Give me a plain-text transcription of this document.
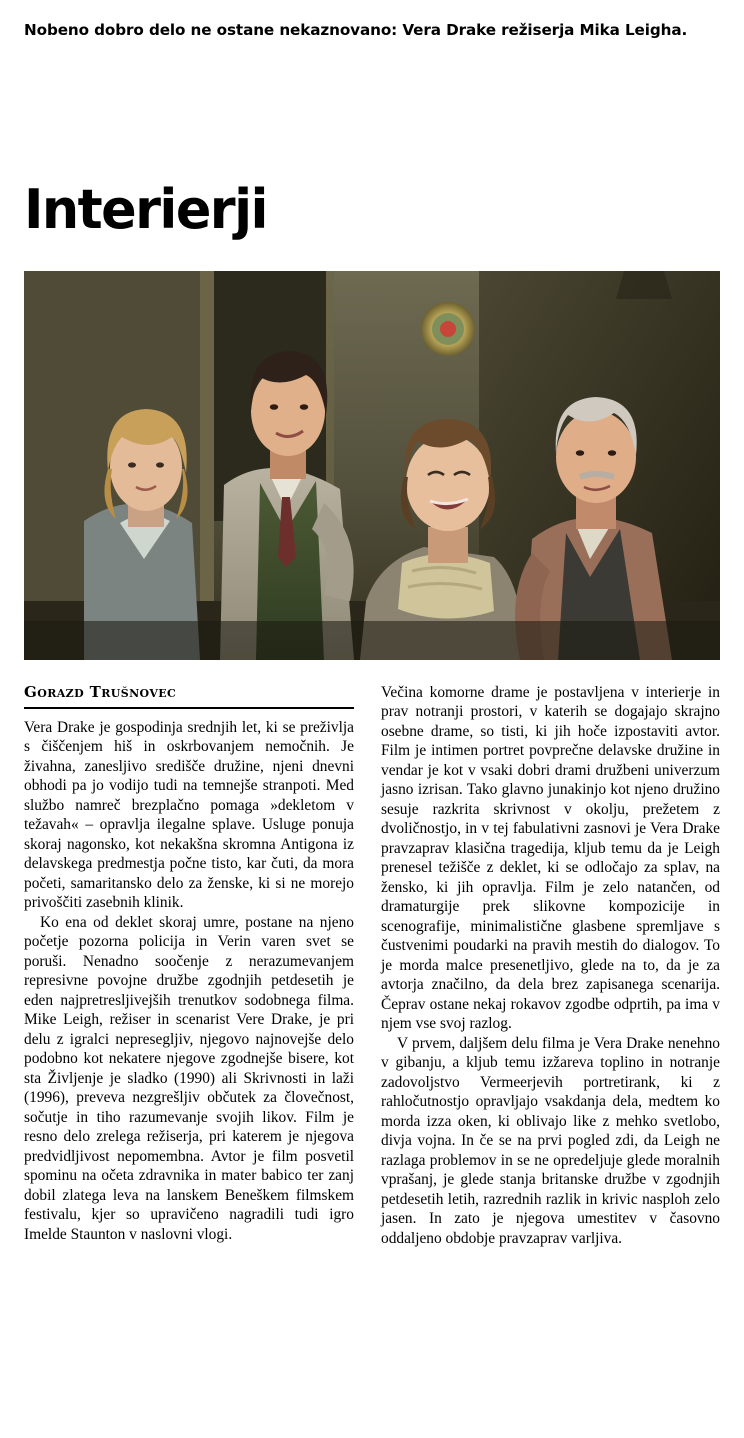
Nobeno dobro delo ne ostane nekaznovano: Vera Drake režiserja Mika Leigha.
Interierji
Gorazd Trušnovec

Vera Drake je gospodinja srednjih let, ki se preživlja s čiščenjem hiš in oskrbovanjem nemočnih. Je živahna, zanesljivo središče družine, njeni dnevni obhodi pa jo vodijo tudi na temnejše stranpoti. Med službo namreč brezplačno pomaga »dekletom v težavah« – opravlja ilegalne splave. Usluge ponuja skoraj nagonsko, kot nekakšna skromna Antigona iz delavskega predmestja počne tisto, kar čuti, da mora početi, samaritansko delo za ženske, ki si ne morejo privoščiti zasebnih klinik.

Ko ena od deklet skoraj umre, postane na njeno početje pozorna policija in Verin varen svet se poruši. Nenadno soočenje z nerazumevanjem represivne povojne družbe zgodnjih petdesetih je eden najpretresljivejših trenutkov sodobnega filma. Mike Leigh, režiser in scenarist Vere Drake, je pri delu z igralci nepresegljiv, njegovo najnovejše delo podobno kot nekatere njegove zgodnejše bisere, kot sta Življenje je sladko (1990) ali Skrivnosti in laži (1996), preveva nezgrešljiv občutek za človečnost, sočutje in tiho razumevanje svojih likov. Film je resno delo zrelega režiserja, pri katerem je njegova predvidljivost nepomembna. Avtor je film posvetil spominu na očeta zdravnika in mater babico ter zanj dobil zlatega leva na lanskem Beneškem filmskem festivalu, kjer so upravičeno nagradili tudi igro Imelde Staunton v naslovni vlogi.

Večina komorne drame je postavljena v interierje in prav notranji prostori, v katerih se dogajajo skrajno osebne drame, so tisti, ki jih hoče izpostaviti avtor. Film je intimen portret povprečne delavske družine in vendar je kot v vsaki dobri drami družbeni univerzum jasno izrisan. Tako glavno junakinjo kot njeno družino sesuje razkrita skrivnost v okolju, prežetem z dvoličnostjo, in v tej fabulativni zasnovi je Vera Drake pravzaprav klasična tragedija, kljub temu da je Leigh prenesel težišče z deklet, ki se odločajo za splav, na žensko, ki jih opravlja. Film je zelo natančen, od dramaturgije prek slikovne kompozicije in scenografije, minimalistične glasbene spremljave s čustvenimi poudarki na pravih mestih do dialogov. To je morda malce presenetljivo, glede na to, da je za avtorja značilno, da dela brez zapisanega scenarija. Čeprav ostane nekaj rokavov zgodbe odprtih, pa ima v njem vse svoj razlog.

V prvem, daljšem delu filma je Vera Drake nenehno v gibanju, a kljub temu izžareva toplino in notranje zadovoljstvo Vermeerjevih portretirank, ki z rahločutnostjo opravljajo vsakdanja dela, medtem ko morda izza oken, ki oblivajo like z mehko svetlobo, divja vojna. In če se na prvi pogled zdi, da Leigh ne razlaga problemov in se ne opredeljuje glede moralnih vprašanj, je glede stanja britanske družbe v zgodnjih petdesetih letih, razrednih razlik in krivic nasploh zelo jasen. In zato je njegova umestitev v časovno oddaljeno obdobje pravzaprav varljiva.
